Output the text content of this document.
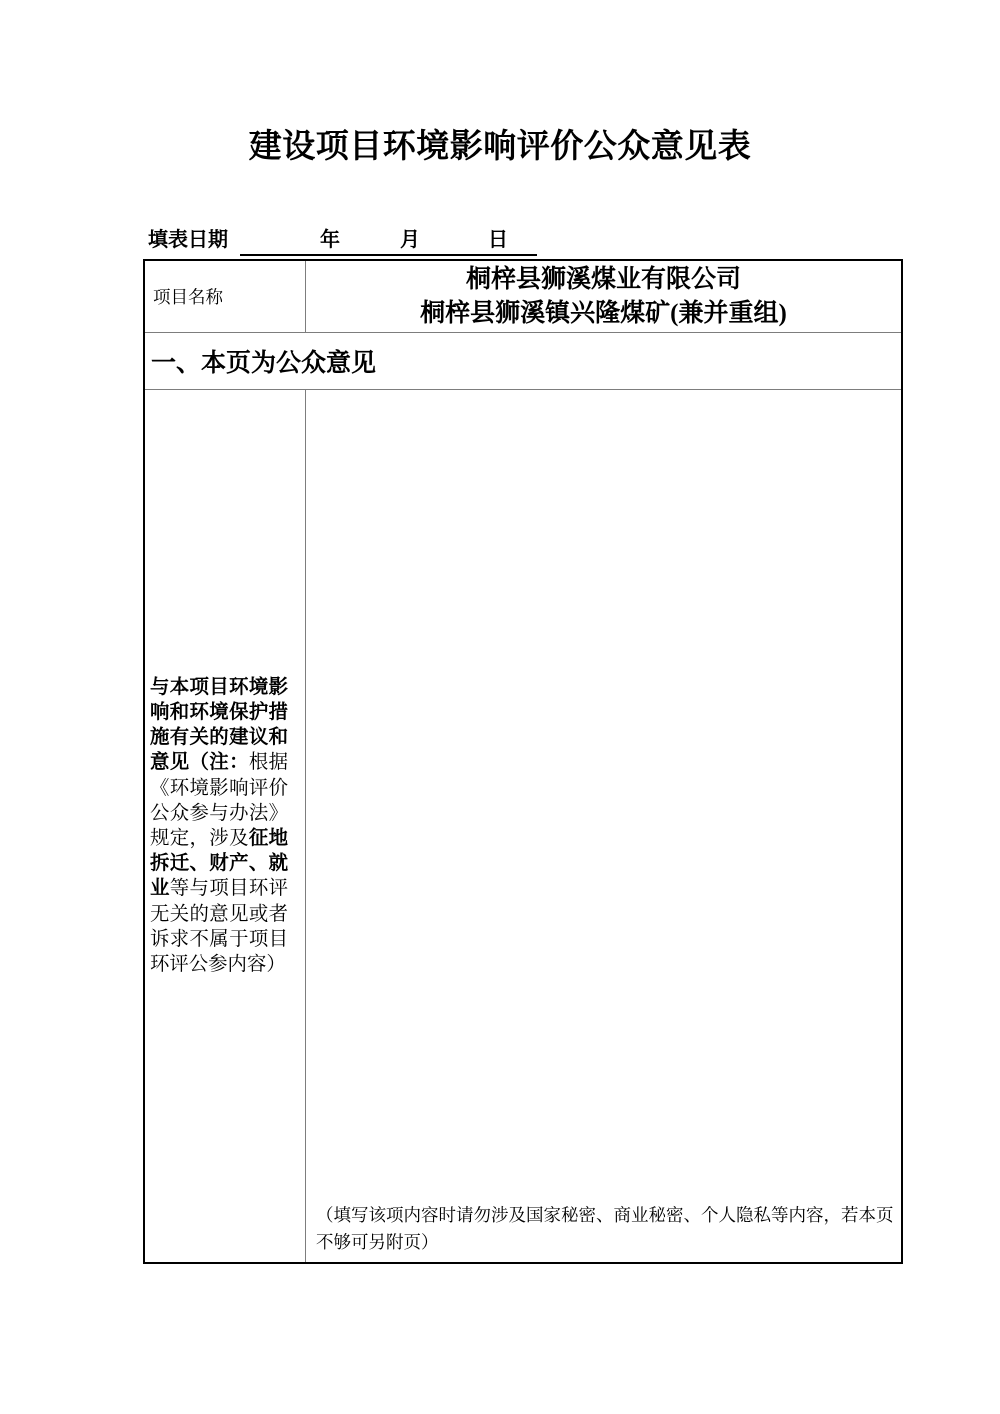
建设项目环境影响评价公众意见表
填表日期	年	月	日
项目名称	桐梓县狮溪煤业有限公司
桐梓县狮溪镇兴隆煤矿(兼并重组)

一、本页为公众意见	

与本项目环境影响和环境保护措施有关的建议和意见（注：根据《环境影响评价公众参与办法》规定，涉及征地拆迁、财产、就业等与项目环评无关的意见或者诉求不属于项目环评公参内容）	（填写该项内容时请勿涉及国家秘密、商业秘密、个人隐私等内容，若本页不够可另附页）
